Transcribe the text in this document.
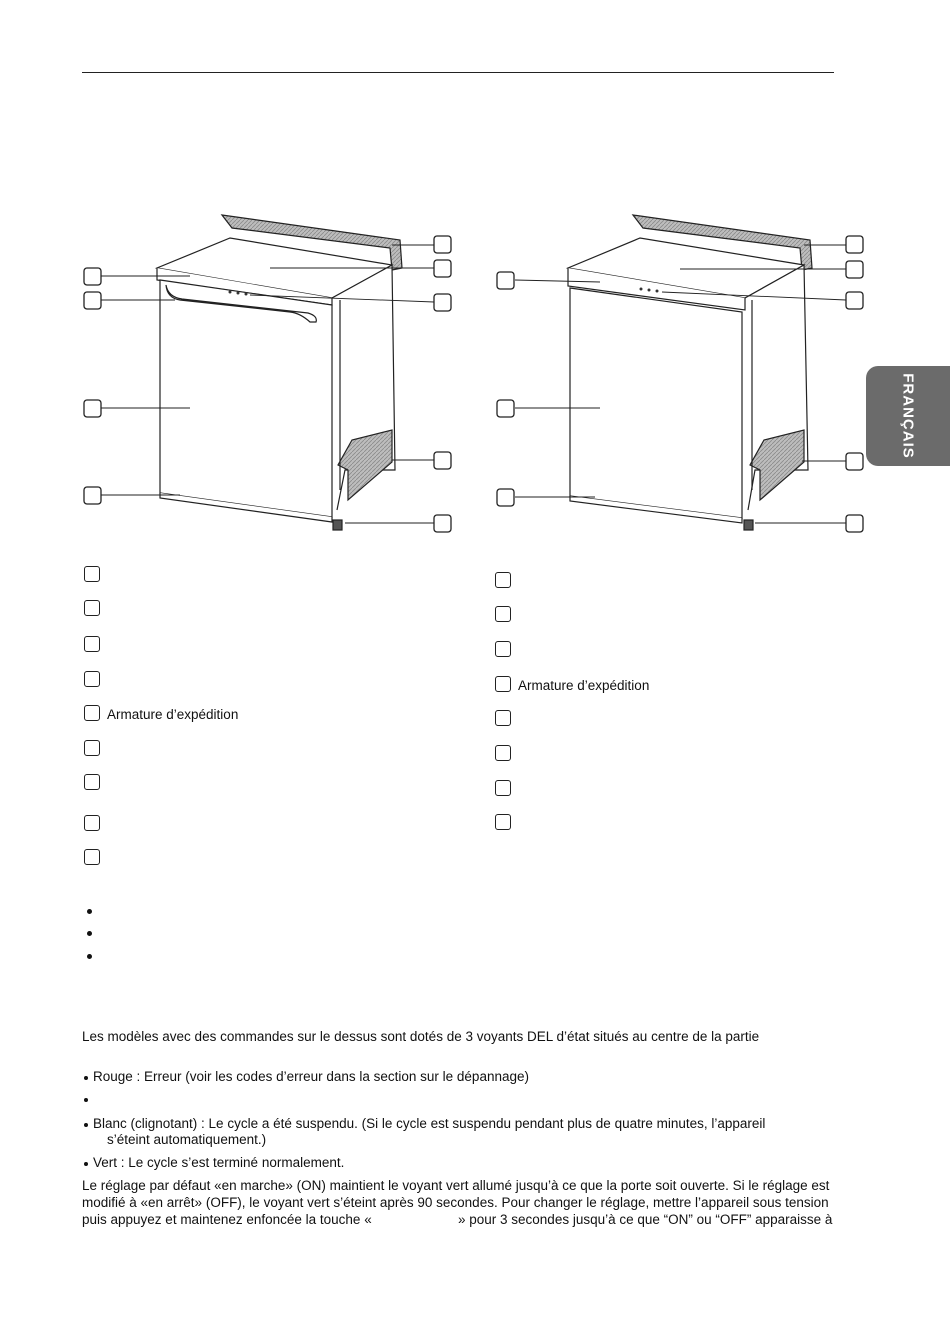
FRANÇAIS
Armature d’expédition
Armature d’expédition
Les modèles avec des commandes sur le dessus sont dotés de 3 voyants DEL d’état situés au centre de la partie
Rouge : Erreur (voir les codes d’erreur dans la section sur le dépannage)
Blanc (clignotant) : Le cycle a été suspendu. (Si le cycle est suspendu pendant plus de quatre minutes, l’appareil
s’éteint automatiquement.)
Vert : Le cycle s’est terminé normalement.
Le réglage par défaut «en marche» (ON) maintient le voyant vert allumé jusqu’à ce que la porte soit ouverte. Si le réglage est
modifié à «en arrêt» (OFF), le voyant vert s’éteint après 90 secondes. Pour changer le réglage, mettre l’appareil sous tension
puis appuyez et maintenez enfoncée la touche «	» pour 3 secondes jusqu’à ce que “ON” ou “OFF” apparaisse à
